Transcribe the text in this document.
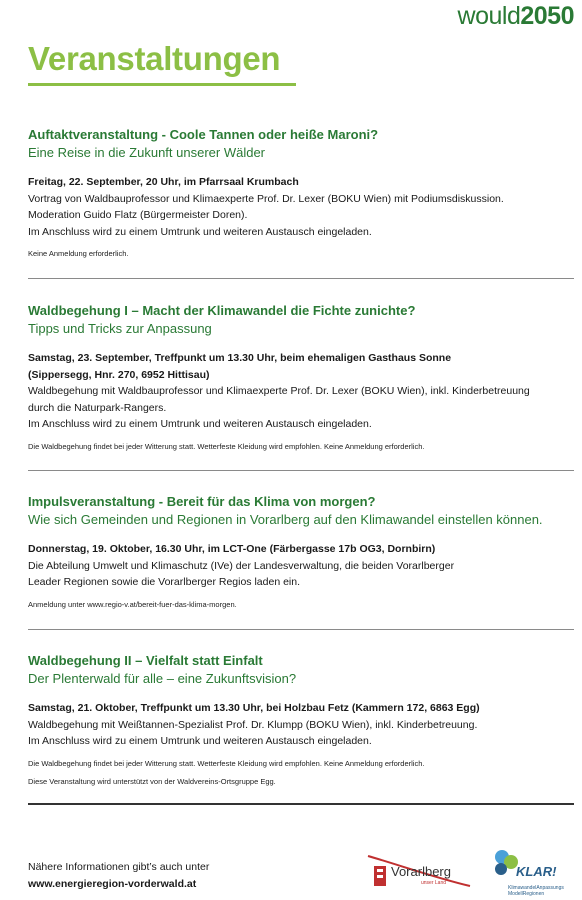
would2050
Veranstaltungen
Auftaktveranstaltung - Coole Tannen oder heiße Maroni?
Eine Reise in die Zukunft unserer Wälder
Freitag, 22. September, 20 Uhr, im Pfarrsaal Krumbach
Vortrag von Waldbauprofessor und Klimaexperte Prof. Dr. Lexer (BOKU Wien) mit Podiumsdiskussion.
Moderation Guido Flatz (Bürgermeister Doren).
Im Anschluss wird zu einem Umtrunk und weiteren Austausch eingeladen.
Keine Anmeldung erforderlich.
Waldbegehung I – Macht der Klimawandel die Fichte zunichte?
Tipps und Tricks zur Anpassung
Samstag, 23. September, Treffpunkt um 13.30 Uhr, beim ehemaligen Gasthaus Sonne
(Sippersegg, Hnr. 270, 6952 Hittisau)
Waldbegehung mit Waldbauprofessor und Klimaexperte Prof. Dr. Lexer (BOKU Wien), inkl. Kinderbetreuung
durch die Naturpark-Rangers.
Im Anschluss wird zu einem Umtrunk und weiteren Austausch eingeladen.
Die Waldbegehung findet bei jeder Witterung statt. Wetterfeste Kleidung wird empfohlen. Keine Anmeldung erforderlich.
Impulsveranstaltung - Bereit für das Klima von morgen?
Wie sich Gemeinden und Regionen in Vorarlberg auf den Klimawandel einstellen können.
Donnerstag, 19. Oktober, 16.30 Uhr, im LCT-One (Färbergasse 17b OG3, Dornbirn)
Die Abteilung Umwelt und Klimaschutz (IVe) der Landesverwaltung, die beiden Vorarlberger
Leader Regionen sowie die Vorarlberger Regios laden ein.
Anmeldung unter www.regio-v.at/bereit-fuer-das-klima-morgen.
Waldbegehung II – Vielfalt statt Einfalt
Der Plenterwald für alle – eine Zukunftsvision?
Samstag, 21. Oktober, Treffpunkt um 13.30 Uhr, bei Holzbau Fetz (Kammern 172, 6863 Egg)
Waldbegehung mit Weißtannen-Spezialist Prof. Dr. Klumpp (BOKU Wien), inkl. Kinderbetreuung.
Im Anschluss wird zu einem Umtrunk und weiteren Austausch eingeladen.
Die Waldbegehung findet bei jeder Witterung statt. Wetterfeste Kleidung wird empfohlen. Keine Anmeldung erforderlich.
Diese Veranstaltung wird unterstützt von der Waldvereins-Ortsgruppe Egg.
Nähere Informationen gibt’s auch unter
www.energieregion-vorderwald.at
Vorarlberg
unser Land
KLAR!
KlimawandelAnpassungs
ModellRegionen
